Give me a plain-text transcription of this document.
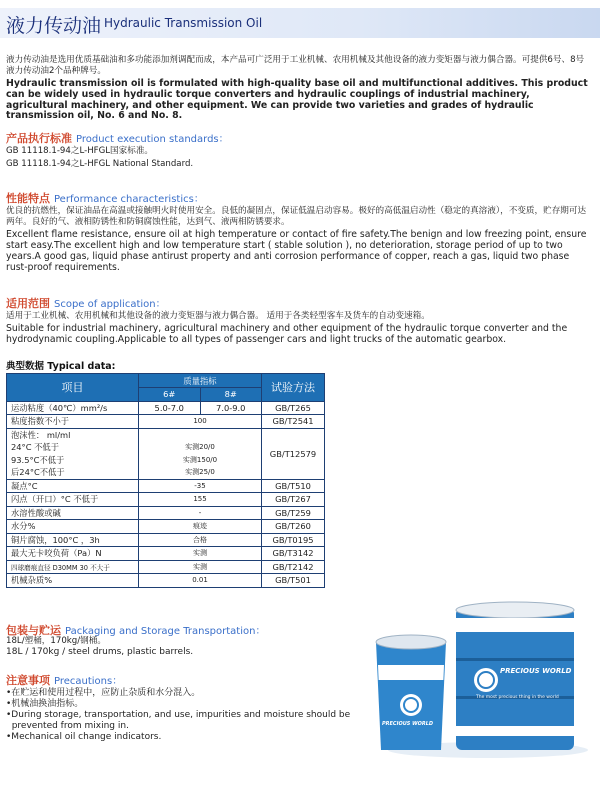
液力传动油 Hydraulic Transmission Oil
液力传动油是选用优质基础油和多功能添加剂调配而成，本产品可广泛用于工业机械、农用机械及其他设备的液力变矩器与液力偶合器。可提供6号、8号液力传动油2个品种牌号。
Hydraulic transmission oil is formulated with high-quality base oil and multifunctional additives. This product can be widely used in hydraulic torque converters and hydraulic couplings of industrial machinery, agricultural machinery, and other equipment. We can provide two varieties and grades of hydraulic transmission oil, No. 6 and No. 8.
产品执行标准 Product execution standards：
GB 11118.1-94之L-HFGL国家标准。
GB 11118.1-94之L-HFGL National Standard.
性能特点 Performance characteristics：
优良的抗燃性，保证油品在高温或接触明火时使用安全。良低的凝固点，保证低温启动容易。极好的高低温启动性（稳定的真溶液），不变质，贮存期可达两年。良好的气、液相防锈性和防铜腐蚀性能，达到气、液两相防锈要求。
Excellent flame resistance, ensure oil at high temperature or contact of fire safety.The benign and low freezing point, ensure start easy.The excellent high and low temperature start ( stable solution ), no deterioration, storage period of up to two years.A good gas, liquid phase antirust property and anti corrosion performance of copper, reach a gas, liquid two phase rust-proof requirements.
适用范围 Scope of application：
适用于工业机械、农用机械和其他设备的液力变矩器与液力偶合器。 适用于各类轻型客车及货车的自动变速箱。
Suitable for industrial machinery, agricultural machinery and other equipment of the hydraulic torque converter and the hydrodynamic coupling.Applicable to all types of passenger cars and light trucks of the automatic gearbox.
典型数据 Typical data:
项目	质量指标		试验方法
	6#	8#	
运动粘度（40℃）mm²/s	5.0-7.0	7.0-9.0	GB/T265
粘度指数不小于	100		GB/T2541
泡沫性： ml/ml			GB/T12579
24°C 不低于	实测20/0		
93.5°C不低于	实测150/0		
后24°C不低于	实测25/0		
凝点°C	-35		GB/T510
闪点（开口）°C 不低于	155		GB/T267
水溶性酸或碱	-		GB/T259
水分%	痕迹		GB/T260
铜片腐蚀，100°C ，3h	合格		GB/T0195
最大无卡咬负荷（Pa）N	实测		GB/T3142
四球磨痕直径 D30MM 30 不大于	实测		GB/T2142
机械杂质%	0.01		GB/T501
包装与贮运 Packaging and Storage Transportation：
18L/塑桶，170kg/钢桶。
18L / 170kg / steel drums, plastic barrels.
注意事项 Precautions：
•在贮运和使用过程中，应防止杂质和水分混入。
•机械油换油指标。
•During storage, transportation, and use, impurities and moisture should be
prevented from mixing in.
•Mechanical oil change indicators.
PRECIOUS WORLD
The most precious thing in the world
PRECIOUS WORLD
